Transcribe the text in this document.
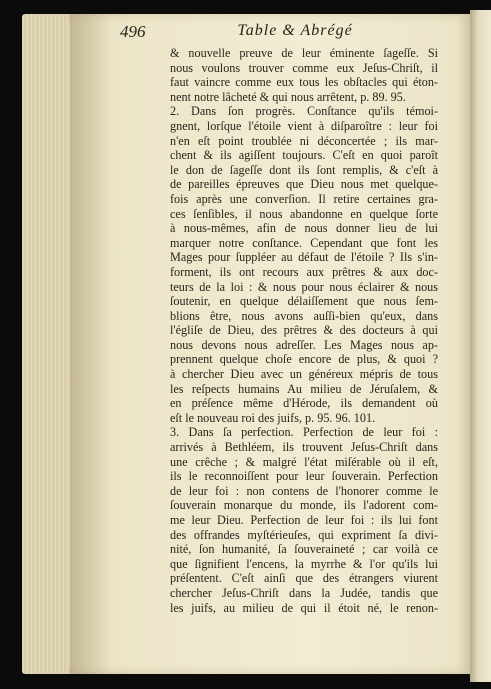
496	Table & Abrégé
& nouvelle preuve de leur éminente ſageſſe. Si
nous voulons trouver comme eux Jeſus-Chriſt, il
faut vaincre comme eux tous les obſtacles qui éton-
nent notre lâcheté & qui nous arrêtent, p. 89. 95.
2. Dans ſon progrès. Conſtance qu'ils témoi-
gnent, lorſque l'étoile vient à diſparoître : leur foi
n'en eſt point troublée ni déconcertée ; ils mar-
chent & ils agiſſent toujours. C'eſt en quoi paroît
le don de ſageſſe dont ils ſont remplis, & c'eſt à
de pareilles épreuves que Dieu nous met quelque-
fois après une converſion. Il retire certaines gra-
ces ſenſibles, il nous abandonne en quelque ſorte
à nous-mêmes, afin de nous donner lieu de lui
marquer notre conſtance. Cependant que font les
Mages pour ſuppléer au défaut de l'étoile ? Ils s'in-
forment, ils ont recours aux prêtres & aux doc-
teurs de la loi : & nous pour nous éclairer & nous
ſoutenir, en quelque délaiſſement que nous ſem-
blions être, nous avons auſſi-bien qu'eux, dans
l'égliſe de Dieu, des prêtres & des docteurs à qui
nous devons nous adreſſer. Les Mages nous ap-
prennent quelque choſe encore de plus, & quoi ?
à chercher Dieu avec un généreux mépris de tous
les reſpects humains Au milieu de Jéruſalem, &
en préſence même d'Hérode, ils demandent où
eſt le nouveau roi des juifs, p. 95. 96. 101.
3. Dans ſa perfection. Perfection de leur foi :
arrivés à Bethléem, ils trouvent Jeſus-Chriſt dans
une crêche ; & malgré l'état miſérable où il eſt,
ils le reconnoiſſent pour leur ſouverain. Perfection
de leur foi : non contens de l'honorer comme le
ſouverain monarque du monde, ils l'adorent com-
me leur Dieu. Perfection de leur foi : ils lui font
des offrandes myſtérieuſes, qui expriment ſa divi-
nité, ſon humanité, ſa ſouveraineté ; car voilà ce
que ſignifient l'encens, la myrrhe & l'or qu'ils lui
préſentent. C'eſt ainſi que des étrangers viurent
chercher Jeſus-Chriſt dans la Judée, tandis que
les juifs, au milieu de qui il étoit né, le renon-
